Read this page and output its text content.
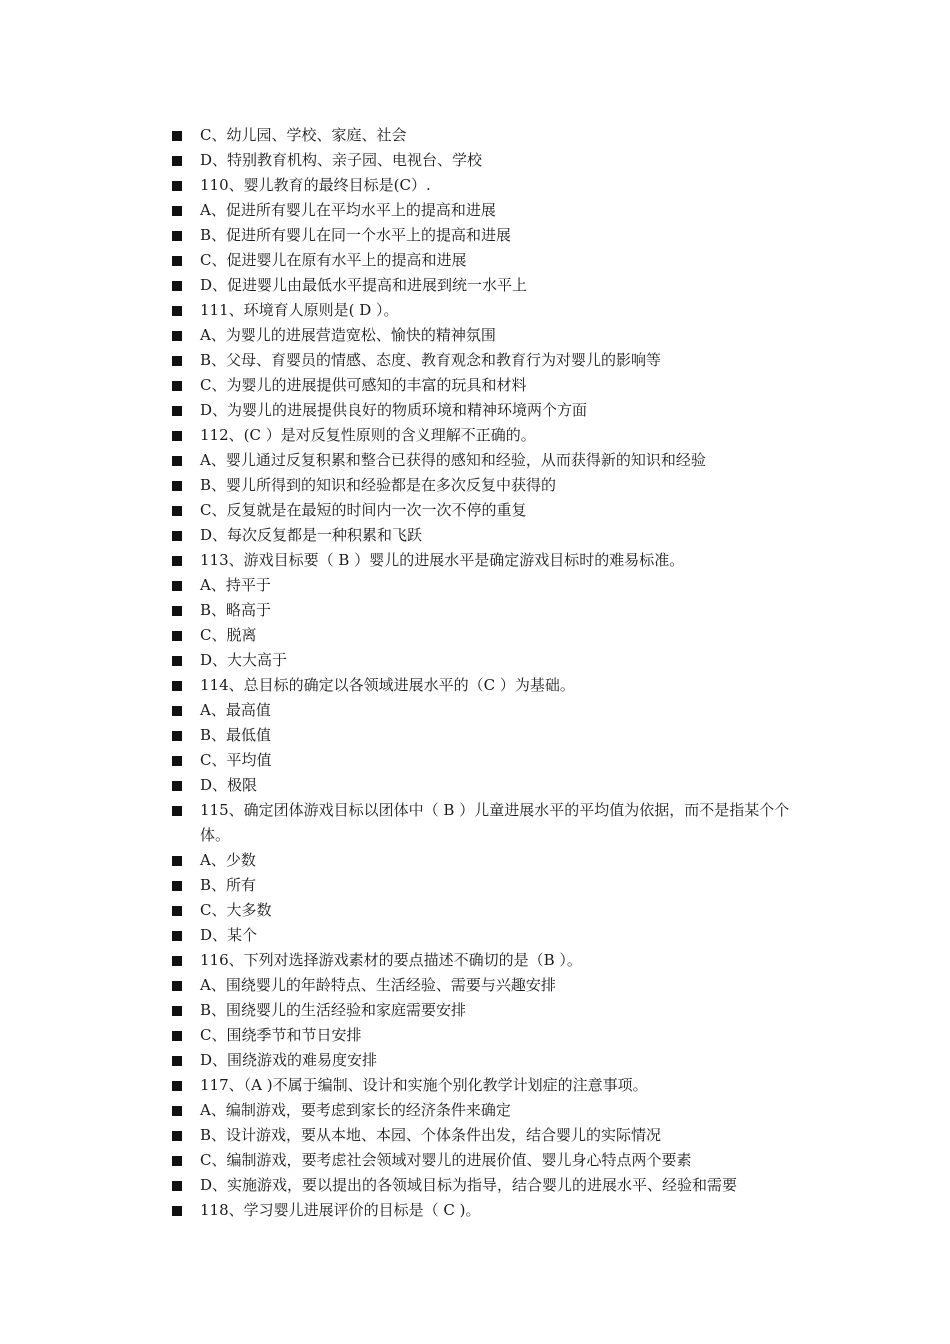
C、幼儿园、学校、家庭、社会
D、特别教育机构、亲子园、电视台、学校
110、婴儿教育的最终目标是(C）.
A、促进所有婴儿在平均水平上的提高和进展
B、促进所有婴儿在同一个水平上的提高和进展
C、促进婴儿在原有水平上的提高和进展
D、促进婴儿由最低水平提高和进展到统一水平上
111、环境育人原则是( D ）。
A、为婴儿的进展营造宽松、愉快的精神氛围
B、父母、育婴员的情感、态度、教育观念和教育行为对婴儿的影响等
C、为婴儿的进展提供可感知的丰富的玩具和材料
D、为婴儿的进展提供良好的物质环境和精神环境两个方面
112、(C ）是对反复性原则的含义理解不正确的。
A、婴儿通过反复积累和整合已获得的感知和经验，从而获得新的知识和经验
B、婴儿所得到的知识和经验都是在多次反复中获得的
C、反复就是在最短的时间内一次一次不停的重复
D、每次反复都是一种积累和飞跃
113、游戏目标要（ B ）婴儿的进展水平是确定游戏目标时的难易标准。
A、持平于
B、略高于
C、脱离
D、大大高于
114、总目标的确定以各领域进展水平的（C ）为基础。
A、最高值
B、最低值
C、平均值
D、极限
115、确定团体游戏目标以团体中（ B ）儿童进展水平的平均值为依据，而不是指某个个体。
A、少数
B、所有
C、大多数
D、某个
116、下列对选择游戏素材的要点描述不确切的是（B ）。
A、围绕婴儿的年龄特点、生活经验、需要与兴趣安排
B、围绕婴儿的生活经验和家庭需要安排
C、围绕季节和节日安排
D、围绕游戏的难易度安排
117、（A )不属于编制、设计和实施个别化教学计划症的注意事项。
A、编制游戏，要考虑到家长的经济条件来确定
B、设计游戏，要从本地、本园、个体条件出发，结合婴儿的实际情况
C、编制游戏，要考虑社会领域对婴儿的进展价值、婴儿身心特点两个要素
D、实施游戏，要以提出的各领域目标为指导，结合婴儿的进展水平、经验和需要
118、学习婴儿进展评价的目标是（ C )。
